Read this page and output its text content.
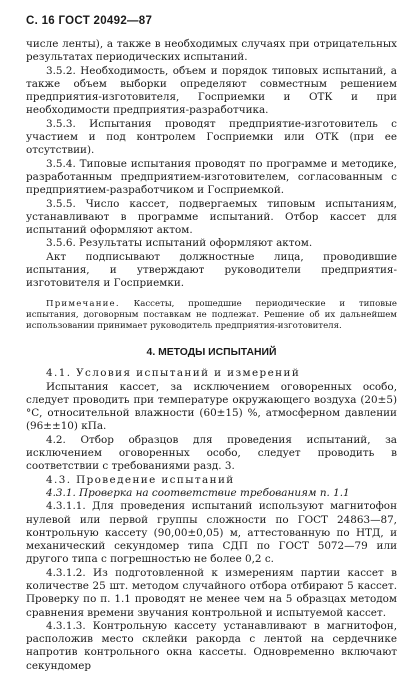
С. 16 ГОСТ 20492—87

числе ленты), а также в необходимых случаях при отрицательных результатах периодических испытаний.

3.5.2. Необходимость, объем и порядок типовых испытаний, а также объем выборки определяют совместным решением предприятия-изготовителя, Госприемки и ОТК и при необходимости предприятия-разработчика.

3.5.3. Испытания проводят предприятие-изготовитель с участием и под контролем Госприемки или ОТК (при ее отсутствии).

3.5.4. Типовые испытания проводят по программе и методике, разработанным предприятием-изготовителем, согласованным с предприятием-разработчиком и Госприемкой.

3.5.5. Число кассет, подвергаемых типовым испытаниям, устанавливают в программе испытаний. Отбор кассет для испытаний оформляют актом.

3.5.6. Результаты испытаний оформляют актом.

Акт подписывают должностные лица, проводившие испытания, и утверждают руководители предприятия-изготовителя и Госприемки.

Примечание. Кассеты, прошедшие периодические и типовые испытания, договорным поставкам не подлежат. Решение об их дальнейшем использовании принимает руководитель предприятия-изготовителя.

4. МЕТОДЫ ИСПЫТАНИЙ

4.1. Условия испытаний и измерений

Испытания кассет, за исключением оговоренных особо, следует проводить при температуре окружающего воздуха (20±5) °С, относительной влажности (60±15) %, атмосферном давлении (96±±10) кПа.

4.2. Отбор образцов для проведения испытаний, за исключением оговоренных особо, следует проводить в соответствии с требованиями разд. 3.

4.3. Проведение испытаний

4.3.1. Проверка на соответствие требованиям п. 1.1

4.3.1.1. Для проведения испытаний используют магнитофон нулевой или первой группы сложности по ГОСТ 24863—87, контрольную кассету (90,00±0,05) м, аттестованную по НТД, и механический секундомер типа СДП по ГОСТ 5072—79 или другого типа с погрешностью не более 0,2 с.

4.3.1.2. Из подготовленной к измерениям партии кассет в количестве 25 шт. методом случайного отбора отбирают 5 кассет. Проверку по п. 1.1 проводят не менее чем на 5 образцах методом сравнения времени звучания контрольной и испытуемой кассет.

4.3.1.3. Контрольную кассету устанавливают в магнитофон, расположив место склейки ракорда с лентой на сердечнике напротив контрольного окна кассеты. Одновременно включают секундомер
